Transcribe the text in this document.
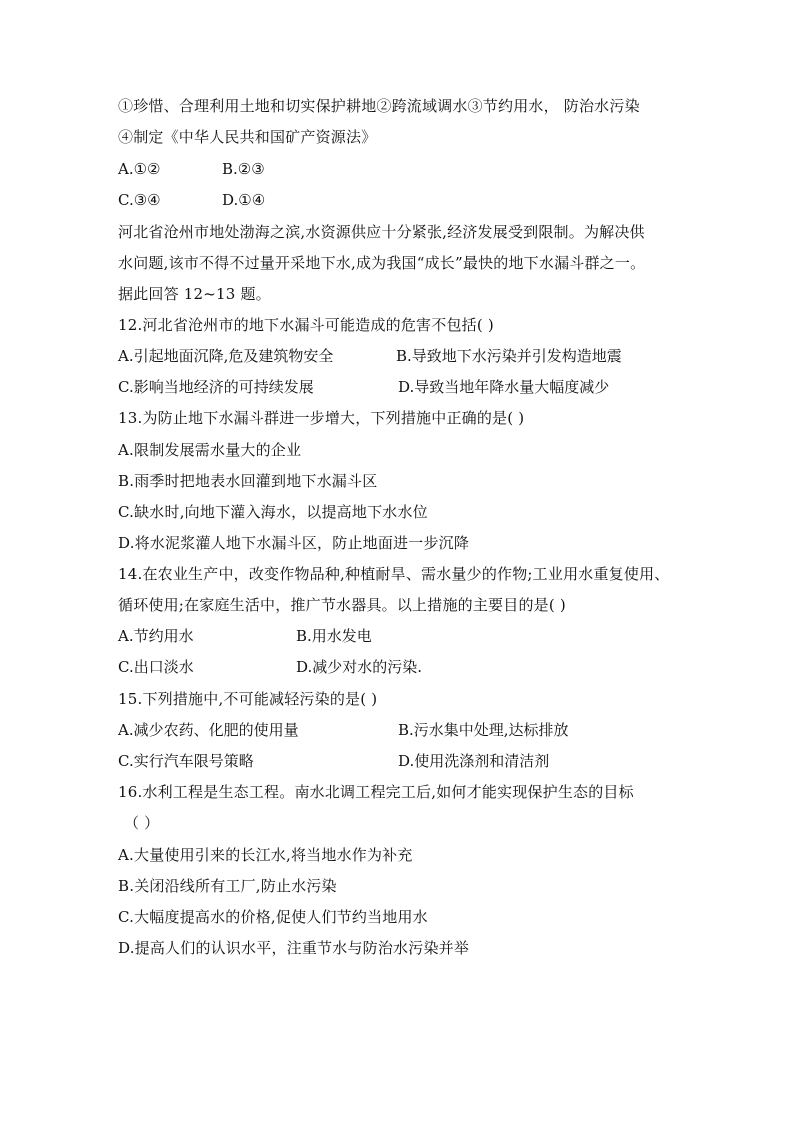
①珍惜、合理利用土地和切实保护耕地②跨流域调水③节约用水， 防治水污染
④制定《中华人民共和国矿产资源法》
A.①②	B.②③
C.③④	D.①④
河北省沧州市地处渤海之滨,水资源供应十分紧张,经济发展受到限制。为解决供
水问题,该市不得不过量开采地下水,成为我国“成长”最快的地下水漏斗群之一。
据此回答 12~13 题。
12.河北省沧州市的地下水漏斗可能造成的危害不包括( )
A.引起地面沉降,危及建筑物安全	B.导致地下水污染并引发构造地震
C.影响当地经济的可持续发展	D.导致当地年降水量大幅度减少
13.为防止地下水漏斗群进一步增大，下列措施中正确的是( )
A.限制发展需水量大的企业
B.雨季时把地表水回灌到地下水漏斗区
C.缺水时,向地下灌入海水，以提高地下水水位
D.将水泥浆灌人地下水漏斗区，防止地面进一步沉降
14.在农业生产中，改变作物品种,种植耐旱、需水量少的作物;工业用水重复使用、
循环使用;在家庭生活中，推广节水器具。以上措施的主要目的是( )
A.节约用水	B.用水发电
C.出口淡水	D.减少对水的污染.
15.下列措施中,不可能减轻污染的是( )
A.减少农药、化肥的使用量	B.污水集中处理,达标排放
C.实行汽车限号策略	D.使用洗涤剂和清洁剂
16.水利工程是生态工程。南水北调工程完工后,如何才能实现保护生态的目标
（ ）
A.大量使用引来的长江水,将当地水作为补充
B.关闭沿线所有工厂,防止水污染
C.大幅度提高水的价格,促使人们节约当地用水
D.提高人们的认识水平，注重节水与防治水污染并举
